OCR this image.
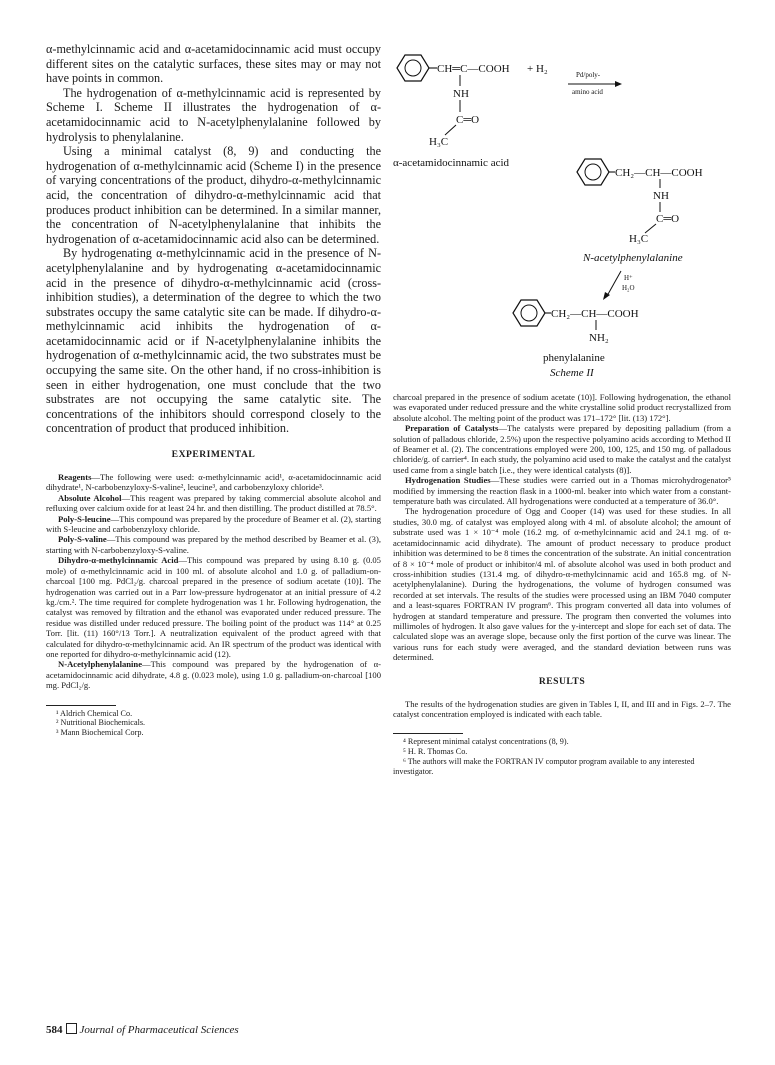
α-methylcinnamic acid and α-acetamidocinnamic acid must occupy different sites on the catalytic surfaces, these sites may or may not have points in common.

The hydrogenation of α-methylcinnamic acid is represented by Scheme I. Scheme II illustrates the hydrogenation of α-acetamidocinnamic acid to N-acetylphenylalanine followed by hydrolysis to phenylalanine.

Using a minimal catalyst (8, 9) and conducting the hydrogenation of α-methylcinnamic acid (Scheme I) in the presence of varying concentrations of the product, dihydro-α-methylcinnamic acid, the concentration of dihydro-α-methylcinnamic acid that produces product inhibition can be determined. In a similar manner, the concentration of N-acetylphenylalanine that inhibits the hydrogenation of α-acetamidocinnamic acid also can be determined.

By hydrogenating α-methylcinnamic acid in the presence of N-acetylphenylalanine and by hydrogenating α-acetamidocinnamic acid in the presence of dihydro-α-methylcinnamic acid (cross-inhibition studies), a determination of the degree to which the two substrates occupy the same catalytic site can be made. If dihydro-α-methylcinnamic acid inhibits the hydrogenation of α-acetamidocinnamic acid or if N-acetylphenylalanine inhibits the hydrogenation of α-methylcinnamic acid, the two substrates must be occupying the same site. On the other hand, if no cross-inhibition is seen in either hydrogenation, one must conclude that the two substrates are not occupying the same catalytic site. The concentrations of the inhibitors should correspond closely to the concentration of product that produced inhibition.

EXPERIMENTAL

Reagents—The following were used: α-methylcinnamic acid¹, α-acetamidocinnamic acid dihydrate¹, N-carbobenzyloxy-S-valine², leucine³, and carbobenzyloxy chloride³.

Absolute Alcohol—This reagent was prepared by taking commercial absolute alcohol and refluxing over calcium oxide for at least 24 hr. and then distilling. The product distilled at 78.5°.

Poly-S-leucine—This compound was prepared by the procedure of Beamer et al. (2), starting with S-leucine and carbobenzyloxy chloride.

Poly-S-valine—This compound was prepared by the method described by Beamer et al. (3), starting with N-carbobenzyloxy-S-valine.

Dihydro-α-methylcinnamic Acid—This compound was prepared by using 8.10 g. (0.05 mole) of α-methylcinnamic acid in 100 ml. of absolute alcohol and 1.0 g. of palladium-on-charcoal [100 mg. PdCl₂/g. charcoal prepared in the presence of sodium acetate (10)]. The hydrogenation was carried out in a Parr low-pressure hydrogenator at an initial pressure of 4.2 kg./cm.². The time required for complete hydrogenation was 1 hr. Following hydrogenation, the catalyst was removed by filtration and the ethanol was evaporated under reduced pressure. The residue was distilled under reduced pressure. The boiling point of the product was 114° at 0.25 Torr. [lit. (11) 160°/13 Torr.]. A neutralization equivalent of the product agreed with that calculated for dihydro-α-methylcinnamic acid. An IR spectrum of the product was identical with one reported for dihydro-α-methylcinnamic acid (12).

N-Acetylphenylalanine—This compound was prepared by the hydrogenation of α-acetamidocinnamic acid dihydrate, 4.8 g. (0.023 mole), using 1.0 g. palladium-on-charcoal [100 mg. PdCl₂/g.

¹ Aldrich Chemical Co.
² Nutritional Biochemicals.
³ Mann Biochemical Corp.
CH═C—COOH + H₂
NH
C═O
H₃C
Pd/poly-
amino acid
α-acetamidocinnamic acid
CH₂—CH—COOH
NH
C═O
H₃C
N-acetylphenylalanine
H⁺
H₂O
CH₂—CH—COOH
NH₂
phenylalanine
Scheme II

charcoal prepared in the presence of sodium acetate (10)]. Following hydrogenation, the ethanol was evaporated under reduced pressure and the white crystalline solid product recrystallized from absolute alcohol. The melting point of the product was 171–172° [lit. (13) 172°].

Preparation of Catalysts—The catalysts were prepared by depositing palladium (from a solution of palladous chloride, 2.5%) upon the respective polyamino acids according to Method II of Beamer et al. (2). The concentrations employed were 200, 100, 125, and 150 mg. of palladous chloride/g. of carrier⁴. In each study, the polyamino acid used to make the catalyst and the catalyst used came from a single batch [i.e., they were identical catalysts (8)].

Hydrogenation Studies—These studies were carried out in a Thomas microhydrogenator⁵ modified by immersing the reaction flask in a 1000-ml. beaker into which water from a constant-temperature bath was circulated. All hydrogenations were conducted at a temperature of 36.0°.

The hydrogenation procedure of Ogg and Cooper (14) was used for these studies. In all studies, 30.0 mg. of catalyst was employed along with 4 ml. of absolute alcohol; the amount of substrate used was 1 × 10⁻⁴ mole (16.2 mg. of α-methylcinnamic acid and 24.1 mg. of α-acetamidocinnamic acid dihydrate). The amount of product necessary to produce product inhibition was determined to be 8 times the concentration of the substrate. An initial concentration of 8 × 10⁻⁴ mole of product or inhibitor/4 ml. of absolute alcohol was used in both product and cross-inhibition studies (131.4 mg. of dihydro-α-methylcinnamic acid and 165.8 mg. of N-acetylphenylalanine). During the hydrogenations, the volume of hydrogen consumed was recorded at set intervals. The results of the studies were processed using an IBM 7040 computer and a least-squares FORTRAN IV program⁶. This program converted all data into volumes of hydrogen at standard temperature and pressure. The program then converted the volumes into millimoles of hydrogen. It also gave values for the y-intercept and slope for each set of data. The calculated slope was an average slope, because only the first portion of the curve was linear. The various runs for each study were averaged, and the standard deviation between runs was determined.

RESULTS

The results of the hydrogenation studies are given in Tables I, II, and III and in Figs. 2–7. The catalyst concentration employed is indicated with each table.

⁴ Represent minimal catalyst concentrations (8, 9).
⁵ H. R. Thomas Co.
⁶ The authors will make the FORTRAN IV computor program available to any interested investigator.
584 Journal of Pharmaceutical Sciences
